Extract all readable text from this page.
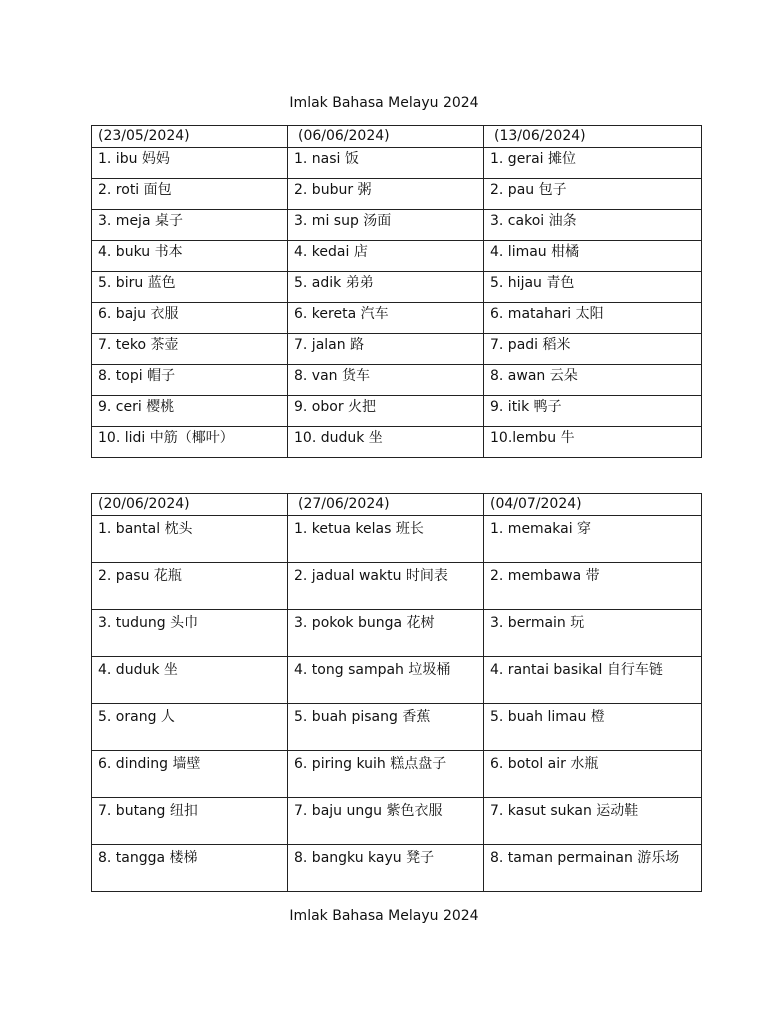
Imlak Bahasa Melayu 2024
(23/05/2024)	(06/06/2024)	(13/06/2024)
1. ibu 妈妈	1. nasi 饭	1. gerai 摊位
2. roti 面包	2. bubur 粥	2. pau 包子
3. meja 桌子	3. mi sup 汤面	3. cakoi 油条
4. buku 书本	4. kedai 店	4. limau 柑橘
5. biru 蓝色	5. adik 弟弟	5. hijau 青色
6. baju 衣服	6. kereta 汽车	6. matahari 太阳
7. teko 茶壶	7. jalan 路	7. padi 稻米
8. topi 帽子	8. van 货车	8. awan 云朵
9. ceri 樱桃	9. obor 火把	9. itik 鸭子
10. lidi 中筋（椰叶）	10. duduk 坐	10.lembu 牛
(20/06/2024)	(27/06/2024)	(04/07/2024)
1. bantal 枕头	1. ketua kelas 班长	1. memakai 穿
2. pasu 花瓶	2. jadual waktu 时间表	2. membawa 带
3. tudung 头巾	3. pokok bunga 花树	3. bermain 玩
4. duduk 坐	4. tong sampah 垃圾桶	4. rantai basikal 自行车链
5. orang 人	5. buah pisang 香蕉	5. buah limau 橙
6. dinding 墙壁	6. piring kuih 糕点盘子	6. botol air 水瓶
7. butang 纽扣	7. baju ungu 紫色衣服	7. kasut sukan 运动鞋
8. tangga 楼梯	8. bangku kayu 凳子	8. taman permainan 游乐场
Imlak Bahasa Melayu 2024
